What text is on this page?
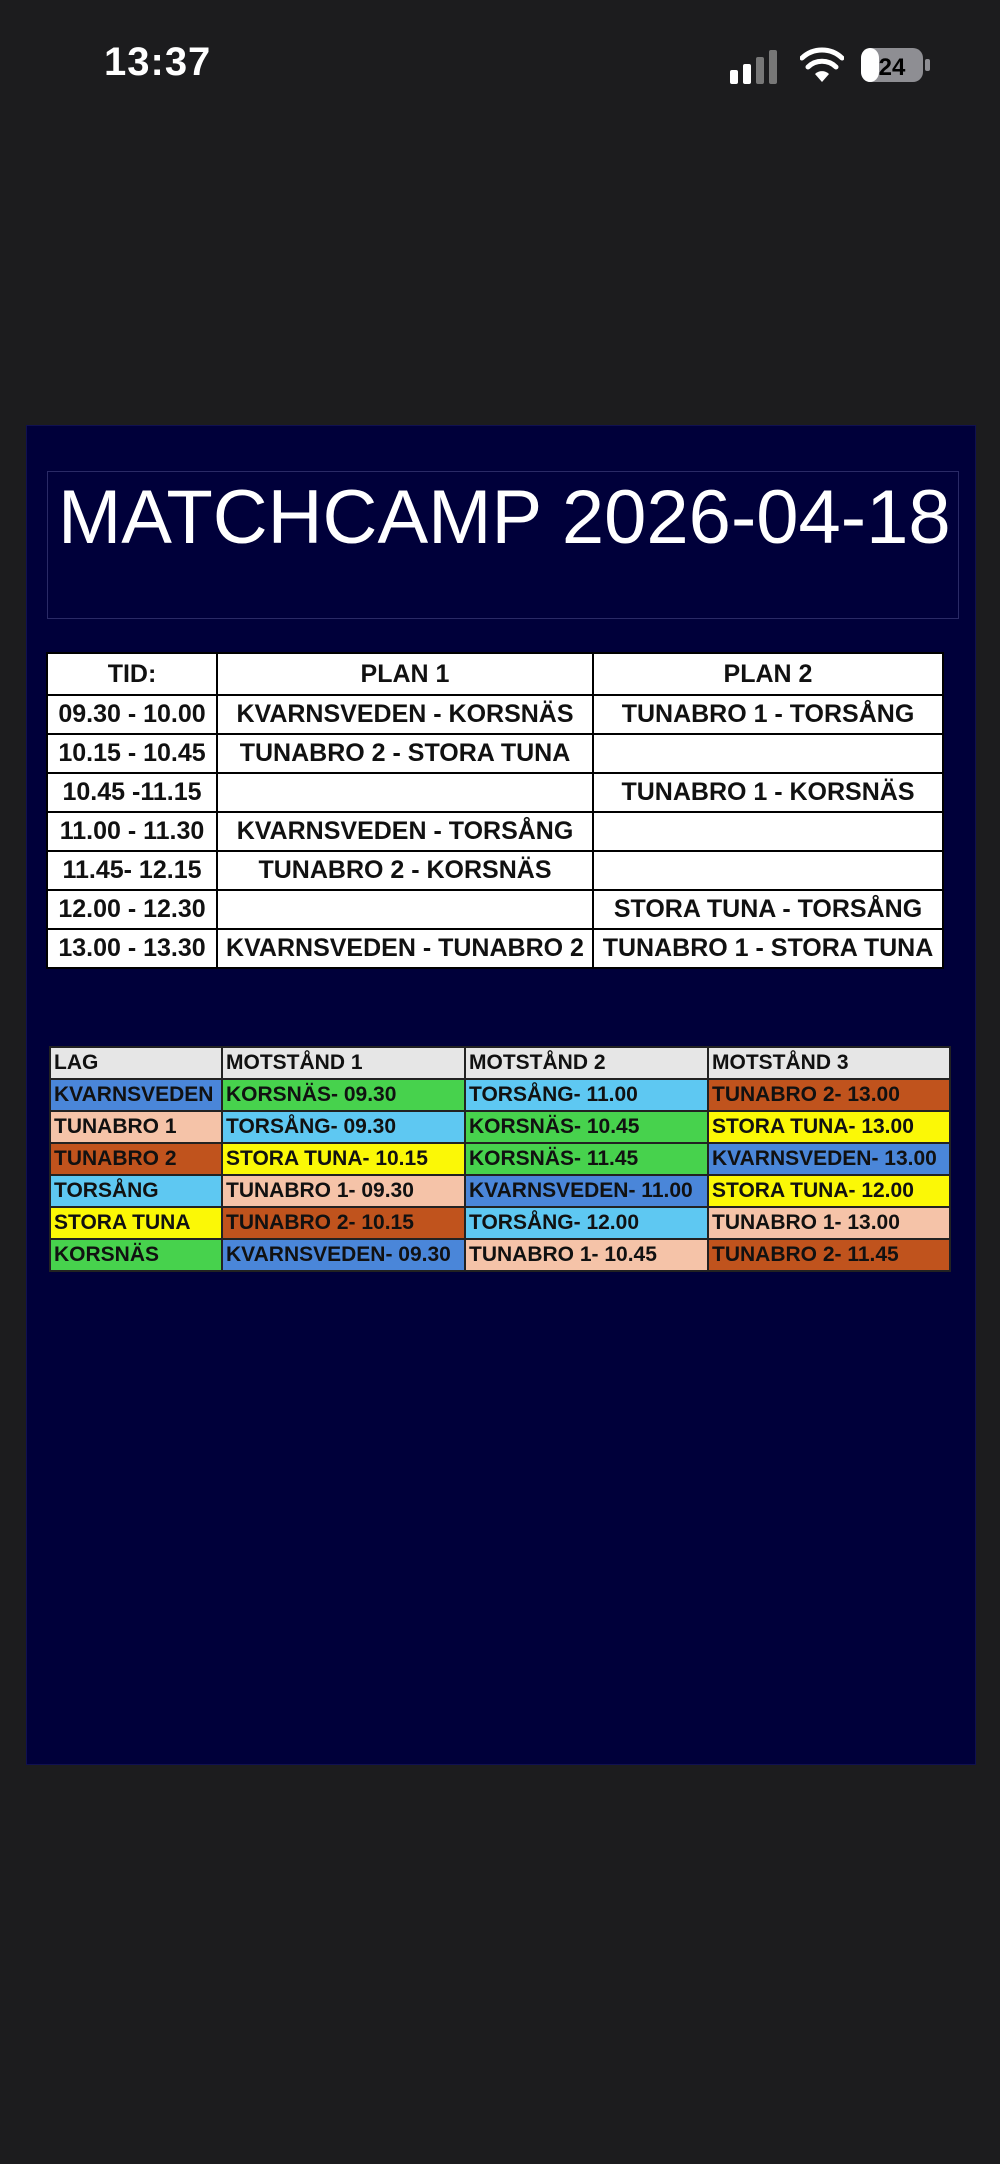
13:37	24
MATCHCAMP 2026-04-18
TID:	PLAN 1	PLAN 2
09.30 - 10.00	KVARNSVEDEN - KORSNÄS	TUNABRO 1 - TORSÅNG
10.15 - 10.45	TUNABRO 2 - STORA TUNA	
10.45 -11.15		TUNABRO 1 - KORSNÄS
11.00 - 11.30	KVARNSVEDEN - TORSÅNG	
11.45- 12.15	TUNABRO 2 - KORSNÄS	
12.00 - 12.30		STORA TUNA - TORSÅNG
13.00 - 13.30	KVARNSVEDEN - TUNABRO 2	TUNABRO 1 - STORA TUNA
LAG	MOTSTÅND 1	MOTSTÅND 2	MOTSTÅND 3
KVARNSVEDEN	KORSNÄS- 09.30	TORSÅNG- 11.00	TUNABRO 2- 13.00
TUNABRO 1	TORSÅNG- 09.30	KORSNÄS- 10.45	STORA TUNA- 13.00
TUNABRO 2	STORA TUNA- 10.15	KORSNÄS- 11.45	KVARNSVEDEN- 13.00
TORSÅNG	TUNABRO 1- 09.30	KVARNSVEDEN- 11.00	STORA TUNA- 12.00
STORA TUNA	TUNABRO 2- 10.15	TORSÅNG- 12.00	TUNABRO 1- 13.00
KORSNÄS	KVARNSVEDEN- 09.30	TUNABRO 1- 10.45	TUNABRO 2- 11.45
